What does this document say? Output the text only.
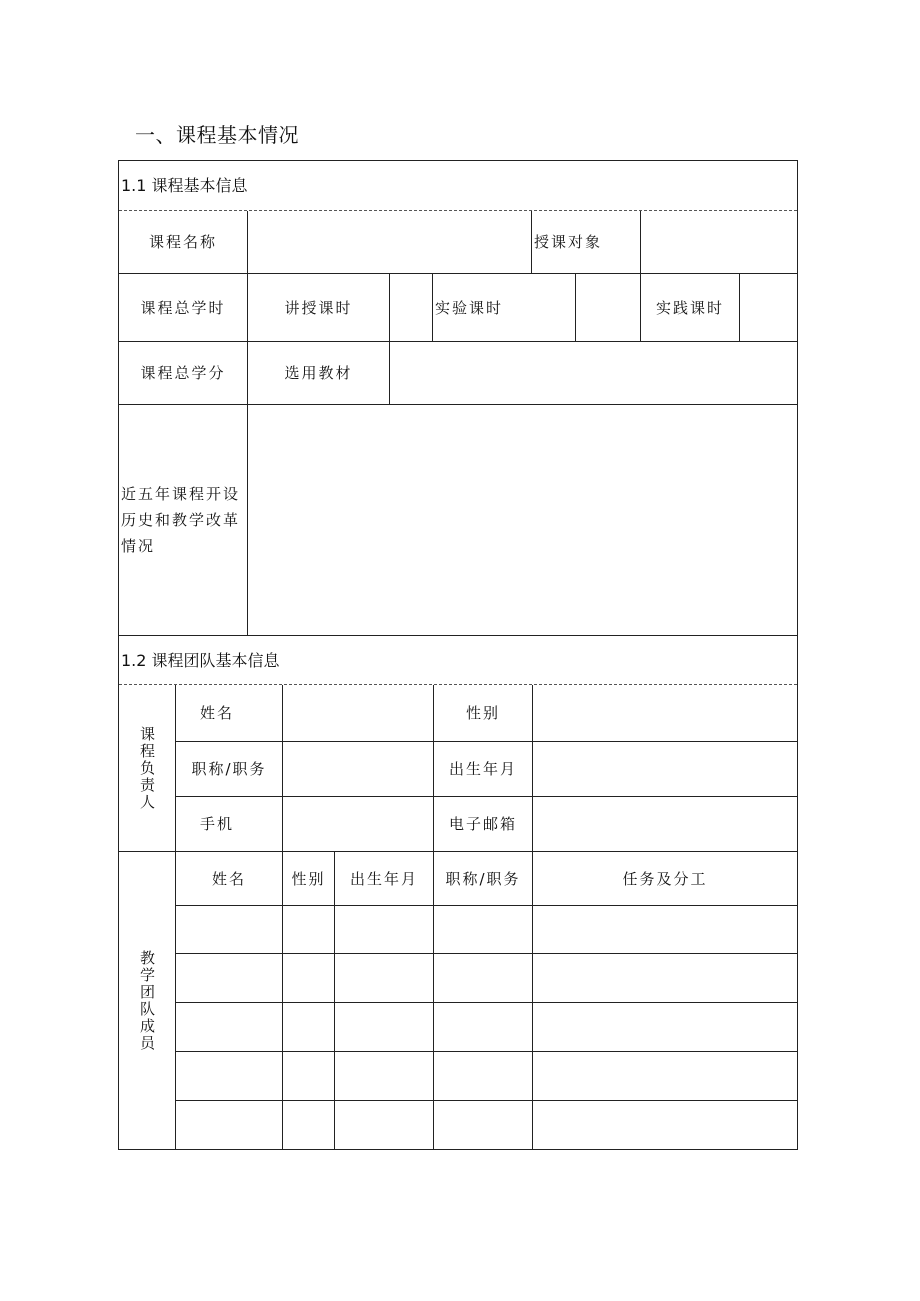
一、课程基本情况
1.1 课程基本信息
课程名称	授课对象
课程总学时	讲授课时	实验课时	实践课时
课程总学分	选用教材
近五年课程开设历史和教学改革情况
1.2 课程团队基本信息
课程负责人
姓名	性别
职称/职务	出生年月
手机	电子邮箱
教学团队成员
姓名	性别	出生年月	职称/职务	任务及分工
